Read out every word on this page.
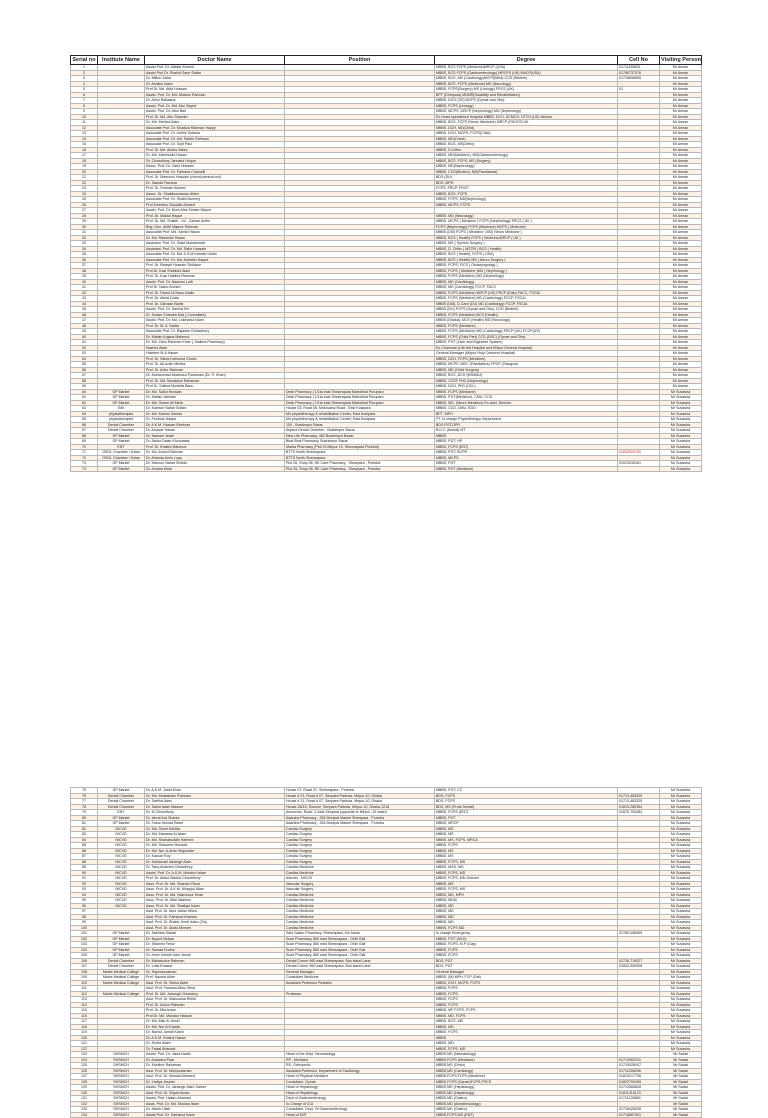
Serial no	Institute Name	Doctor Name	Position	Degree	Cell No	Visiting Person
1		Assist Prof. Dr. Alimbir Ahmed		MBBS, BCS FCPS (Medicine)MRCP (USA)	01711189831	Mr Arman
2		Assist Prof Dr. Shahid Sane Sattar		MBBS, BCS FCPS (Gastroenterology) MRCPS (UK) MACP(USA)	01780737376	Mr Arman
3		Dr. Miftun Saha		MBBS, BCS, MD (Cardiology)MCPS(Med) CCD (Birdem)	01718896895	Mr Arman
4		Dr. Ashikul Islam		MBBS, BCS, FCPS (Medicine) MD (Neurology)		Mr Arman
5		Prof Dr. Md. Abid Hossain		MBBS, FCPS(Surgery) MS (Urology) FRCS (UK)	01	Mr Arman
6		Assist. Prof. Dr. Md. Abdulur Rahman		BPT (Dhmpara) MDMR(Disability and Rehabilitation)		Mr Arman
7		Dr. Afroz Rahaana		MBBS, DGO (SS) MCPS (Gynae and Obs)		Mr Arman
8		Assist. Prof. Dr. Md. Abu Sayed		MBBS, FCPS (Urology)		Mr Arman
9		Assist. Prof. Dr. Abul Bari		MBBS, MCPS, MRCP (Nephrology) MD (Nephrology)		Mr Arman
10		Prof. Dr. Md. Abu Shamim		Ex-Head specialised Hospital MBBS, DCH, DCMCH, DTCH (UK) director		Mr Arman
11		Dr. Md. Mehbul Alam		MBBS, BCS, FCPS (Neuro Medicine) MRCP (PACES) UK		Mr Arman
12		Associate Prof. Dr. Khadiza Rahman Happy		MBBS, DCH, MD(Child)		Mr Arman
13		Associate Prof. Dr. Ashrin Sultana		MBBS, DCH, MCPS, FCPS(Child)		Mr Arman
14		Associate Prof. Dr. Md. Sabbir Rahman		MBBS, MD(Chest)		Mr Arman
15		Associate Prof. Dr. Sujit Paul		MBBS, BCS, MS(Ortho)		Mr Arman
16		Prof. Dr. Md. Abdus Sabur		MBBS, D-Ortho		Mr Arman
17		Dr. Md. Mahmudul Hasan		MBBS, MD(Medicine), MD(Gastroenterology)		Mr Arman
18		Dr. Chowdhury Jannatul Huque		MBBS, BCS, FCPS, MS (Surgery)		Mr Arman
19		Assoc. Prof. Dr. Zakir Hossain		MBBS, MD(Nephrology)		Mr Arman
20		Associate Prof. Dr. Farhana Chamelli		MBBS, CCD(Birdem), MD(Paediatrics)		Mr Arman
21		Prof. Dr. Mamunul Hossain (chroniccentral coll)		BDS (DU)		Mr Arman
22		Dr. Sawda Farzana		BDS, MPH		Mr Arman
23		Prof. Dr. Shamim Ahmed		FCPS, FRCP, FRCP		Mr Arman
24		Assoc. Dr. Shakibuzzaman Ariten		MBBS, BCS, FCPS		Mr Arman
25		Associate Prof. Dr. Shakil Numery		MBBS, FCPS, MD(Nephrology)		Mr Arman
26		Prof Emeritus Ziauddin Ahmed		MBBS, MCPS, FCPS		Mr Arman
27		Assist. Prof. Dr. Nura Afza Solaim Mirjum				Mr Arman
28		Prof. Dr. Maidul Haque		MBBS, MD (Neurology)		Mr Arman
29		Prof. Dr. Md. Shakib - Uz - Zaman Anifin		MBBS, MCPS ( Medicine ) FCPS (Nephrology) FRCS ( UK )		Mr Arman
30		Brig. Gen. ANM Mijanur Rahman		FCPS (Nephrology) FCPS (Medicine) MCPS ( Medicine)		Mr Arman
31		Associate Prof. Md. Samid Hasan		MBBS (DM) FCPS ( Medicine ) MD( Neuro Medicine )		Mr Arman
32		Dr. Md. Rashedul Hasan		MBBS, BCS ( Health) FCPS ( Medicine)MRCP ( UK )		Mr Arman
33		Assistant. Prof. Dr. Saad Mohammad		MBBS, MS ( Spinein Surgery )		Mr Arman
34		Assistant. Prof. Dr. Md. Sabir Hossain		MBBS, D. Ortho ( NITOR ) BCS ( Health)		Mr Arman
35		Associate Prof. Dr. Md. A.S.M Kamaln Uddin		MBBS, BCS ( Health), FCPS ( USA)		Mr Arman
36		Associate Prof. Dr. Md. Ashraful Haque		MBBS, BCS ( Health) MS ( Neuro Surgery )		Mr Arman
37		Prof. Dr. Belayet Hossain Siddique		MBBS, FCPS, FICS ( Otolaryngology )		Mr Arman
38		Prof Dr. Kazi Shahidul Alam		MBBS, FCPS ( Medicine )MD ( Nephrology )		Mr Arman
39		Prof. Dr. Kazi Habibul Rahman		MBBS, FCPS (Medicine) MD (Nephrology)		Mr Arman
40		Assist. Prof. Dr. Nasimul Lutfi		MBBS, MD (Cardiology)		Mr Arman
41		Prof Dr. Nazlo Ahmed		MBBS, MD (Cardiology) FCCP, FACC		Mr Arman
42		Prof. Dr. Fazlul-Ul-Nasu khalis		MBBS, FCPS (Medicine) MRCP (UK) FRCP (Edin) FACC, FSCAI		Mr Arman
43		Prof. Dr. Abhal Dutta		MBBS, FCPS (Medicine) MD (Cardiology) FCCP, FSCAI		Mr Arman
44		Prof. Dr. Dilrosan Banik		MBBS (DM), D-Card (DU) MD (Cardiology) FCCP, FSCAI		Mr Arman
45		Assist. Prof. Dr. Samira Ein		MBBS (DU) FCPS (Gynae and Obs), CCD (Birdem)		Mr Arman
46		Dr. Sudan Chandra Das ( Consultant)		MBBS, FCPS (Medicine) BCS (Health)		Mr Arman
47		Assist. Prof. Dr. Md. Lokmanul Islam		MBBS (Dhaka), MCS (Health) MD (Neurology)		Mr Arman
48		Prof. Dr. M. A. Sattar		MBBS, FCPS (Medicine)		Mr Arman
49		Associate Prof. Dr. Rajashe Chowdhury		MBBS, FCPS (Medicine) MD (Cardiology) FRCP (UK) FCCP(US)		Mr Arman
50		Dr. Mahim Anjana Mahmud		MBBS, FCPS (Child Part) CCD (DRC) (Gynae and Obs)		Mr Arman
51		Dr. Md. Ziaur Rahman Khan ( Jhalima Pharmacy)		MBBS, PGT (Liver and Digestive System)		Mr Arman
52		Nazmul Alam		Ex-Chairman (Life Aid Hospital and Mirpur General Hospital)		Mr Arman
53		Hakeem M.A Hasan		General Manager (Mirpur Holy Crescent Hospital)		Mr Arman
54		Prof. Dr. Nilufa Kamruna Ghosh		MBBS, DCH, FCPS (Medicine)		Mr Arman
55		Prof. Dr. Ali-Amin Mridha		MBBS, MCPS, MDC (Paediatrics) FRCP (Glasgow)		Mr Arman
56		Prof. Dr. Arifur Rahman		MBBS, MD (Child Surgery)		Mr Arman
57		Dr. Mohammad Mosteduz Rahaman (Dr. R. Khan)		MBBS, BCS, DCH (BSMMU)		Mr Arman
58		Prof. Dr. Md. Murakibul Rahaman		MBBS, CCDF PhD (Nephrology)		Mr Arman
59		Prof Dr. Salima Mustofa Banu		MBBS, DCH, PhD (UCL)		Mr Arman
60	GP Market	Dr. Md. Saiful Hossain	Desh Pharmacy ( 1/1ta east Shewrapara Matrobhai Puruparo	MBBS, FCPS (Medicine)		Mr Suvasha
61	GP Market	Dr. Mahim Jahidan	Desh Pharmacy ( 1/1ta east Shewrapara Matrobhai Puruparo	MBBS, PGT(Medicine), CMU, CCD		Mr Suvasha
62	GP Market	Dr. Md. Shahe Ali Mirta	Desh Pharmacy ( 1/1ta east Shewrapara Matrobhai Puruparo	MBBS, MD. (Neuro Medicine) Ex-Asst. Director		Mr Suvasha
63	Edit	Dr. Kamrun Nahar Sultan	House 03, Road 05, Mukhusha Road , East Kosipara	MBBS, CCD, DMU, EDD		Mr Suvasha
64	physiotherapist	Dr. Md. Kamrul Zaman	Mir physiotherapy & rehabilitation Center, East Koslpara	BPT, MPH		Mr Suvasha
65	physiotherapist	Dr. Ferdous Haque	Mir physiotherapy & rehabilitation Center, East Koslpara	PT, In charge Physiotherapy Department		Mr Suvasha
66	Dental Chamber	Dr. A.K.M. Hassan Bhebnar	150 - Boshimpur Bazar	BDS,PGT,DPR		Mr Suvasha
67	Dental Chamber	Dr. Anowar Hasan	Anjana Dental Chamber , Boshimpur Bazar	B.D.C (Dental) MT		Mr Suvasha
68	GP Market	Dr. Hassan Jewel	New Life Pharmacy, 482 Boshimpur Bazar	MBBS		Mr Suvasha
69	GP Market	Dr. Abdur Daian Khondakar	Bhai Bhai Pharmacy, Boshimpur Bazar	MBBS, PGT, HP		Mr Suvasha
70	ENT	Prof. Dr. Khaled Mahmud	Marka Pharmacy (Plot 29,Mirpur 10, Shewrapara Portoba)	MBBS, FCPS (ENT)		Mr Suvasha
71	OSOL Chamber / Kolas	Dr. Md. Amirul Rahman	BTTS North Shewrapara	MBBS, PGT, BCPR	01812024790	Mr Suvasha
72	OSOL Chamber / Kolas	Dr. Ahanda Amin Lupa	BTTS North Shewrapara	MBBS, MCPS		Mr Suvasha
73	GP Market	Dr. Kamrun Nahar Shelds	Plot 26, Shop 08, RK Care Pharmacy , Shewpara , Portoba	MBBS, PGT	01913039161	Mr Suvasha
74	GP Market	Dr. Amana Khan	Plot 26, Shop 08, RK Care Pharmacy , Shewpara , Portoba	MBBS, PGT (Medicine)		Mr Suvasha
75	GP Market	Dr. A.K.M. Jahid Khan	House 07, Road 07, Shewrapara , Portoba	MBBS, PGT, CC		Mr Suvasha
76	Dental Chamber	Dr. Md. Mostakidur Rahman	House # 21, Road # 07, Senpara Parbota, Mirpur-10, Dhaka	BDS, FCPS	01713-463325	Mr Suvasha
77	Dental Chamber	Dr. Sabiha Alam	House # 21, Road # 07, Senpara Parbota, Mirpur-10, Dhaka	BDS, FCPS	01713-463325	Mr Suvasha
78	Dental Chamber	Dr. Sahid Islam Masum	House-26/15, Rosone, Senpara Parbota, Mirpur-10, Dhaka-1216	BDS, MS (Prote Dental)	01819-280364	Mr Suvasha
79	ENT	Dr. M Chowdhury	Ascroctus, Road -2,east Senpara (opposite to Mirpur -10 water)	MBBS, FCPS (ENT)	01676-700484	Mr Suvasha
80	GP Market	Dr. Ishrat Ara Shanta	Adarsha Pharmacy , 254 Monipal Market Shewpara , Portoba	MBBS, PGT		Mr Suvasha
81	GP Market	Dr. Faroz Ahmad Rasel	Adarsha Pharmacy , 254 Monipal Market Shewpara , Portoba	MBBS, MRCP		Mr Suvasha
82	NICVD	Dr. Md. Shoel Mridha	Cardiac Surgery	MBBS, MS		Mr Suvasha
83	NICVD	Dr. Md. Manaraz Al-Islam	Cardiac Surgery	MBBS, MS		Mr Suvasha
84	NICVD	Dr. Md. Shahabuddin Hafmed	Cardiac Surgery	MBBS, MS, FCPS, MRCA		Mr Suvasha
85	NICVD	Dr. Md. Shaowon Hossain	Cardiac Surgery	MBBS, FCPS		Mr Suvasha
86	NICVD	Dr. Md. Nur-A-Amin Mojumder	Cardiac Surgery	MBBS, MS		Mr Suvasha
87	NICVD	Dr. Kausar Roy	Cardiac Surgery	MBBS, MS		Mr Suvasha
88	NICVD	Dr. Mohamad Jahangir Alam	Cardiac Surgery	MBBS, FCPS, MS		Mr Suvasha
89	NICVD	Dr. Tariq Ahamed Chowdhury	Cardiac Medicine	MBBS, MSD, MD		Mr Suvasha
90	NICVD	Assist. Prof. Dr. A.K.M. Mohirun Islam	Cardiac Medicine	MBBS, FCPS, MD		Mr Suvasha
91	NICVD	Prof. Dr. Abdul Wadud Chowdhury	director , NICVD	MBBS, FCPS, MD-Director		Mr Suvasha
92	NICVD	Asso. Prof. Dr. Md. Shamim Reza	Vascular Surgery	MBBS, MS		Mr Suvasha
93	NICVD	Asso. Prof. Dr. A.K.M. Mosyyul Alam	Vascular Surgery	MBBS, FCPS, MS		Mr Suvasha
94	NICVD	Asso. Prof. Dr. Md. Nazmunur Khan	Cardiac Medicine	MBBS, MD, MPH		Mr Suvasha
95	NICVD	Asso. Prof. Dr. Bilal Nasimul	Cardiac Medicine	MBBS, MDM		Mr Suvasha
96	NICVD	Asso. Prof. Dr. Md. Shafiqul Islam	Cardiac Medicine	MBBS, MD		Mr Suvasha
97		Asst. Prof. Dr. Abul Jahan Mirza	Cardiac Medicine	MBBS, MD		Mr Suvasha
98		Asst. Prof. Dr. Farhana Khanam	Cardiac Medicine	MBBS, MD		Mr Suvasha
99		Asst. Prof. Dr. Bhabe Jimdi Islam (Zia)	Cardiac Medicine	MBBS, MD		Mr Suvasha
100		Asst. Prof. Dr. Abdul Momen	Cardiac Medicine	MBBS, FCPS,MD		Mr Suvasha
101	GP Market	Dr. Sakhina Sabab	Sahi Salam Pharmacy, Shewrapara, Kin bazar	In charge Emergency	01780-096065	Mr Suvasha
102	GP Market	Dr. Nupurt Mukas	Susri Pharmacy, 860 east Shewrapara , Ordil Gali	MBBS, PGT (MLD)		Mr Suvasha
103	GP Market	Dr. Shamim Feroz	Susri Pharmacy, 860 east Shewrapara , Ordil Gali	MBBS, FCPS, M.P (Gay)		Mr Suvasha
104	GP Market	Dr. Samad Dudha	Susri Pharmacy, 860 east Shewrapara , Ordil Gali	MBBS, FCPS		Mr Suvasha
105	GP Market	Dr. Amin Jowher Ilam Jamal	Susri Pharmacy, 860 east Shewrapara , Ordil Gali	MBBS, FCPS		Mr Suvasha
106	Dental Chamber	Dr. Mahabubur Rahman	Dental Corner 960 east Shewrapara, Bus stand Lane	BDS, PGT	01726-719027	Mr Suvasha
107	Dental Chamber	Dr. Lotis Khasue	Dental Corner 960 east Shewrapara, Bus stand Lane	BDS, PGT	01832-090006	Mr Suvasha
108	Marks Medical College	Dr. Sayeduzzaman	General Manager	General Manager		Mr Suvasha
109	Marks Medical College	Prof. Nazma Akter	Consultant Medicine	MBBS, (M) MPH, FCP (Gat)		Mr Suvasha
110	Marks Medical College	Asst. Prof. Dr. Selina Akter	Assistant Professor Pediatric	MBBS, DCH, MCPS, FCPS		Mr Suvasha
111		Asst. Prof. Farzana Afroz Sima		MBBS, FCPS		Mr Suvasha
112	Marks Medical College	Prof. Dr. Md. Jahangir Chowdury	Professor	MBBS, FCPS		Mr Suvasha
113		Asst. Prof. Dr. Maksudua Rebel		MBBS, FCPS		Mr Suvasha
114		Prof. Dr. Azizur Rahman		MBBS, FCPS		Mr Suvasha
115		Prof. Dr. Mia Azam		MBBS, MF FCPS, FCPS		Mr Suvasha
116		Prof Dr. Md. Mokaiur Hassan		MBBS, MD, FCPS		Mr Suvasha
117		Dr. Md. Aikir Al Jewel		MBBS, BCS, MD		Mr Suvasha
118		Dr. Md. Nur Al Khada		MBBS, MD		Mr Suvasha
119		Dr. Nurnul Jamali Kashi		MBBS, FCPS		Mr Suvasha
120		Dr. A.K.M. Khairul Hasan		MBBS		Mr Suvasha
121		Dr. Rudla Islam		MBBS, MD		Mr Suvasha
122		Dr. Faisal Ahamad		MBBS, FCPS, MD		Mr Suvasha
123	SHSMCH	Assist. Prof. Dr. Jakia Nahid	Head of the Dept. Neonatology	MBBS,MD (Neonatology)		Mr Sadat
124	SHSMCH	Dr. Anowara Paar	RP , Medicine	MBBS,FCPS (Medicine)	01712062231	Mr Sadat
125	SHSMCH	Dr. Mohibur Rahaman	RS, Orthopedic	MBBS,MS (Ortho)	01715026047	Mr Sadat
126	SHSMCH	Asst. Prof. Dr. Mohiuzzaman	Assistant Professor, Department of Cardiology	MBBS,MD (Cardiology)	01711006208	Mr Sadat
127	SHSMCH	Asst. Prof. Dr. Mosaid Ahamed	Head of Physical Medicine	MBBS,FCPS,FCPS (Medicine)	01819217708	Mr Sadat
128	SHSMCH	Dr. Yadiya Jesmin	Consultant, Gynae	MBBS,FCPS (Gynae)FCPS,FRCS	01822790495	Mr Sadat
129	SHSMCH	Assist. Prof. Dr. Jahangir Alam Sarker	Head of Hepatology	MBBS,MD (Hepatology)	01712565828	Mr Sadat
130	SHSMCH	Asst. Prof. Dr. Shyed Aman	Head of Hepatology	MBBS,MD (Hepatology)	01811316123	Mr Sadat
131	SHSMCH	Assist. Prof. Halam Ahamad	Dept of Gastroenterology	MBBS,MD (Gastro)	01711125669	Mr Sadat
132	SHSMCH	Assis. Prof. Dr. Md. Shoidul Islam	In-Charge of ICU	MBBS,MD (Anesthesiology)		Mr Sadat
133	SHSMCH	Dr. Harsh Ullah	Consultant, Dept. Of Gastroenterology	MBBS,MD (Gastro)	01716426538	Mr Sadat
134	SHSMCH	Assist Prof. Dr. Sarhanul Islam	Head of ENT	MBBS,FCPS,MS (ENT)	01716667001	Mr Sadat
